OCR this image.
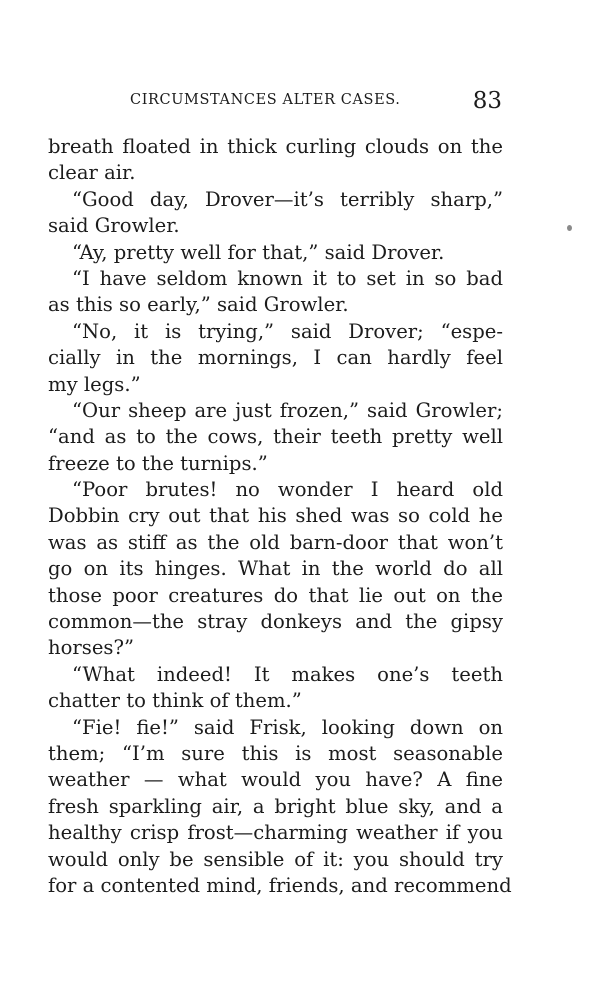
CIRCUMSTANCES ALTER CASES.	83
breath floated in thick curling clouds on the
clear air.
“Good day, Drover—it’s terribly sharp,”
said Growler.
“Ay, pretty well for that,” said Drover.
“I have seldom known it to set in so bad
as this so early,” said Growler.
“No, it is trying,” said Drover; “espe-
cially in the mornings, I can hardly feel
my legs.”
“Our sheep are just frozen,” said Growler;
“and as to the cows, their teeth pretty well
freeze to the turnips.”
“Poor brutes! no wonder I heard old
Dobbin cry out that his shed was so cold he
was as stiff as the old barn-door that won’t
go on its hinges. What in the world do all
those poor creatures do that lie out on the
common—the stray donkeys and the gipsy
horses?”
“What indeed! It makes one’s teeth
chatter to think of them.”
“Fie! fie!” said Frisk, looking down on
them; “I’m sure this is most seasonable
weather — what would you have? A fine
fresh sparkling air, a bright blue sky, and a
healthy crisp frost—charming weather if you
would only be sensible of it: you should try
for a contented mind, friends, and recommend
